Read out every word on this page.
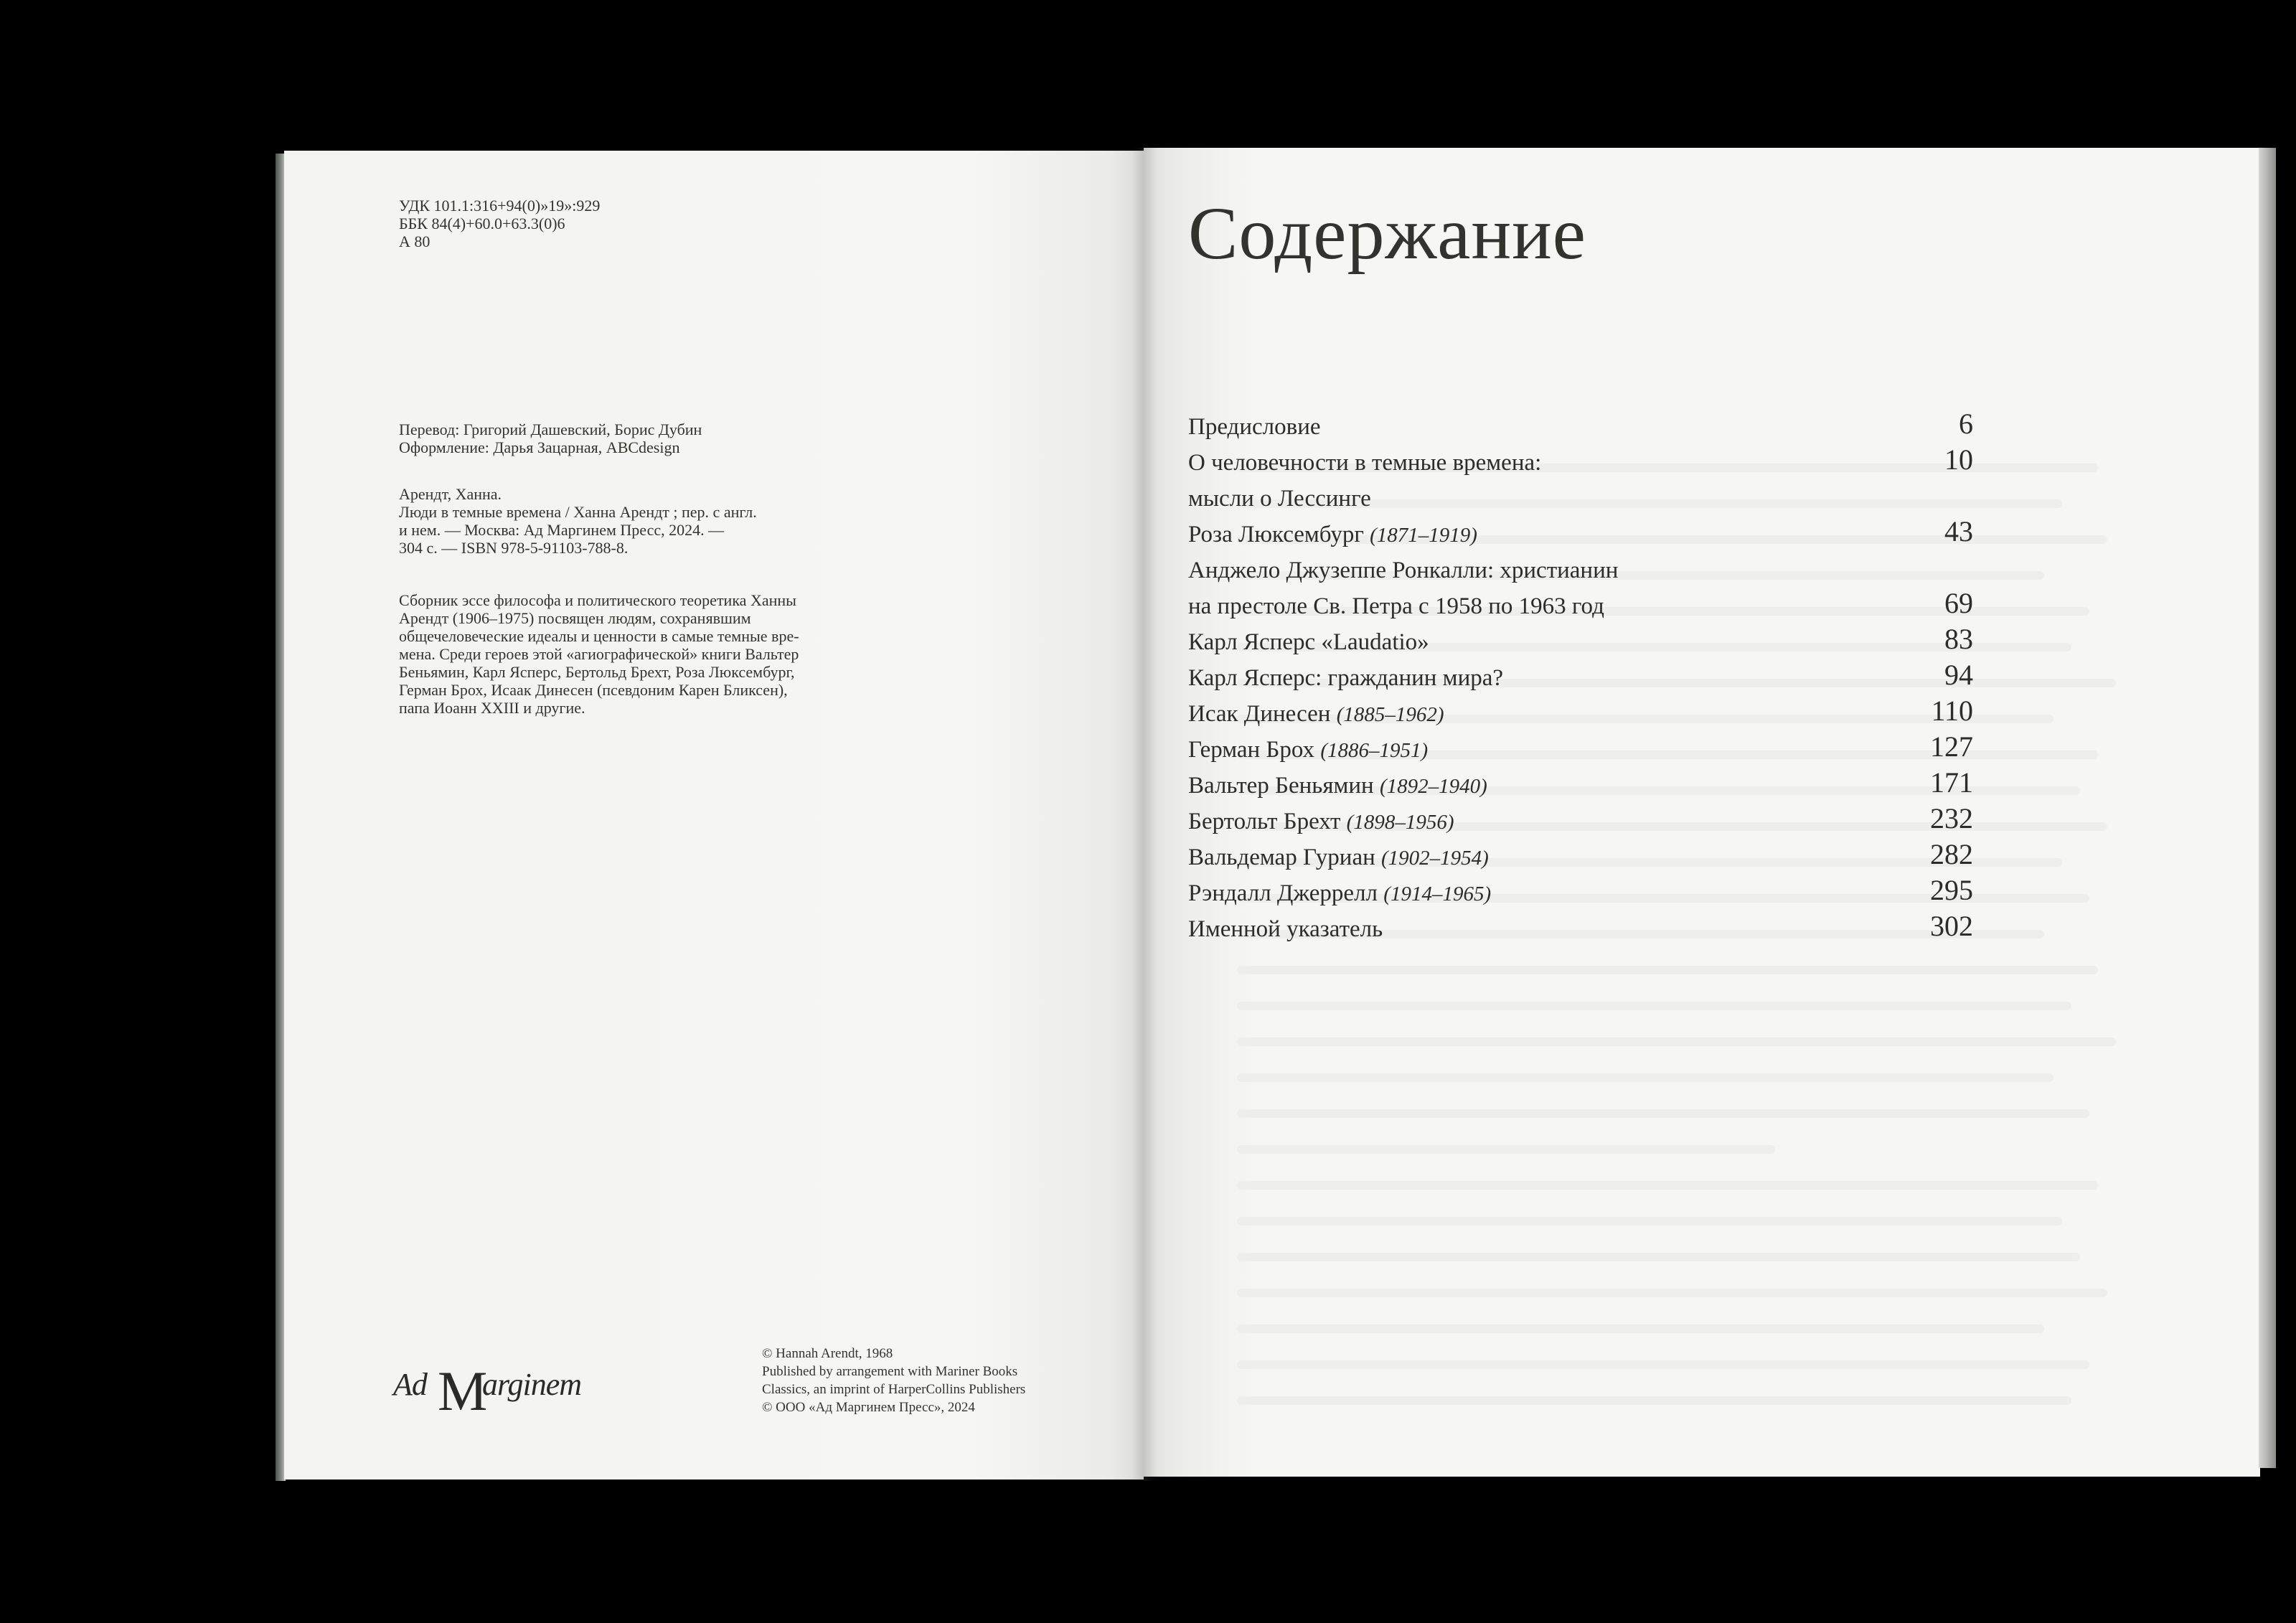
УДК 101.1:316+94(0)»19»:929
ББК 84(4)+60.0+63.3(0)6
А 80
Перевод: Григорий Дашевский, Борис Дубин
Оформление: Дарья Зацарная, ABCdesign
Арендт, Ханна.
Люди в темные времена / Ханна Арендт ; пер. с англ.
и нем. — Москва: Ад Маргинем Пресс, 2024. —
304 с. — ISBN 978-5-91103-788-8.
Сборник эссе философа и политического теоретика Ханны
Арендт (1906–1975) посвящен людям, сохранявшим
общечеловеческие идеалы и ценности в самые темные вре-
мена. Среди героев этой «агиографической» книги Вальтер
Беньямин, Карл Ясперс, Бертольд Брехт, Роза Люксембург,
Герман Брох, Исаак Динесен (псевдоним Карен Бликсен),
папа Иоанн XXIII и другие.
Ad M
arginem
© Hannah Arendt, 1968
Published by arrangement with Mariner Books
Classics, an imprint of HarperCollins Publishers
© ООО «Ад Маргинем Пресс», 2024
Содержание
Предисловие	6
О человечности в темные времена:	10
мысли о Лессинге
Роза Люксембург (1871–1919)	43
Анджело Джузеппе Ронкалли: христианин
на престоле Св. Петра с 1958 по 1963 год	69
Карл Ясперс «Laudatio»	83
Карл Ясперс: гражданин мира?	94
Исак Динесен (1885–1962)	110
Герман Брох (1886–1951)	127
Вальтер Беньямин (1892–1940)	171
Бертольт Брехт (1898–1956)	232
Вальдемар Гуриан (1902–1954)	282
Рэндалл Джеррелл (1914–1965)	295
Именной указатель	302
